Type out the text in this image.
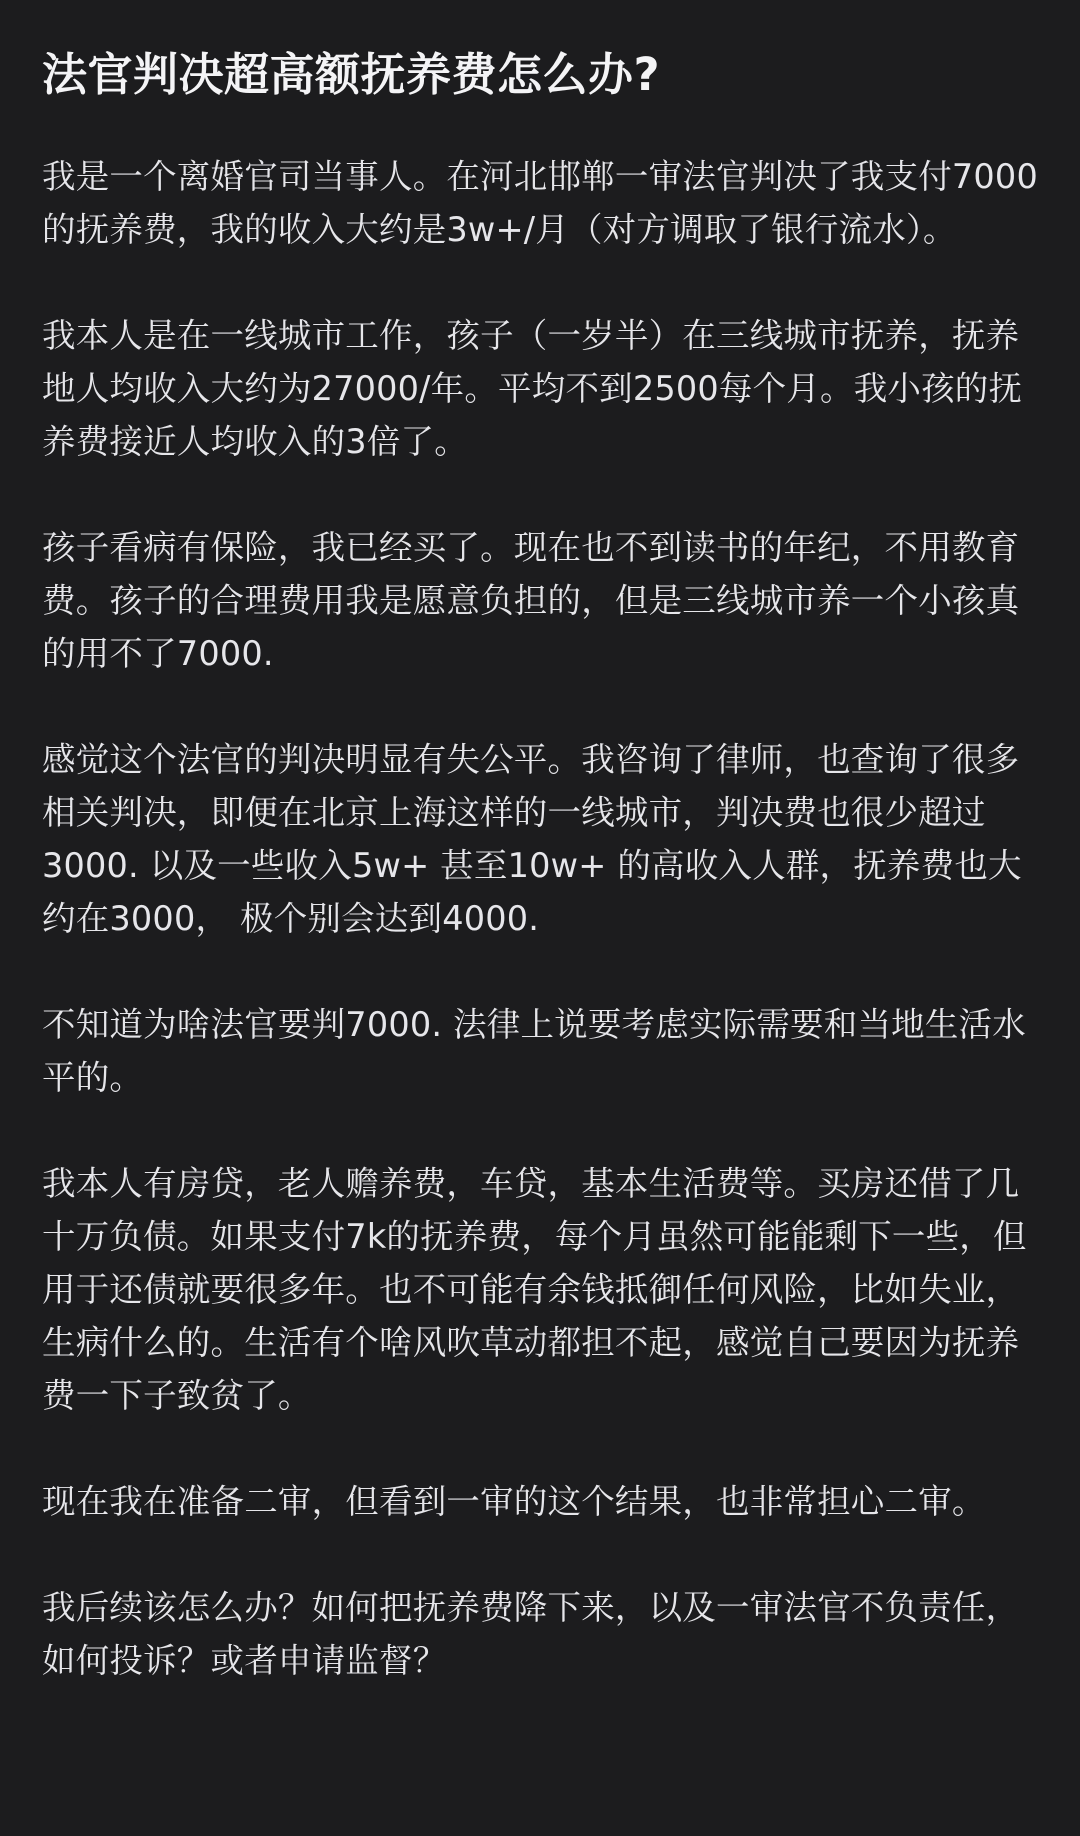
法官判决超高额抚养费怎么办?

我是一个离婚官司当事人。在河北邯郸一审法官判决了我支付7000的抚养费，我的收入大约是3w+/月（对方调取了银行流水）。

我本人是在一线城市工作，孩子（一岁半）在三线城市抚养，抚养地人均收入大约为27000/年。平均不到2500每个月。我小孩的抚养费接近人均收入的3倍了。

孩子看病有保险，我已经买了。现在也不到读书的年纪，不用教育费。孩子的合理费用我是愿意负担的，但是三线城市养一个小孩真的用不了7000.

感觉这个法官的判决明显有失公平。我咨询了律师，也查询了很多相关判决，即便在北京上海这样的一线城市，判决费也很少超过3000. 以及一些收入5w+ 甚至10w+ 的高收入人群，抚养费也大约在3000， 极个别会达到4000.

不知道为啥法官要判7000. 法律上说要考虑实际需要和当地生活水平的。

我本人有房贷，老人赡养费，车贷，基本生活费等。买房还借了几十万负债。如果支付7k的抚养费，每个月虽然可能能剩下一些，但用于还债就要很多年。也不可能有余钱抵御任何风险，比如失业，生病什么的。生活有个啥风吹草动都担不起，感觉自己要因为抚养费一下子致贫了。

现在我在准备二审，但看到一审的这个结果，也非常担心二审。

我后续该怎么办？如何把抚养费降下来，以及一审法官不负责任，如何投诉？或者申请监督？
